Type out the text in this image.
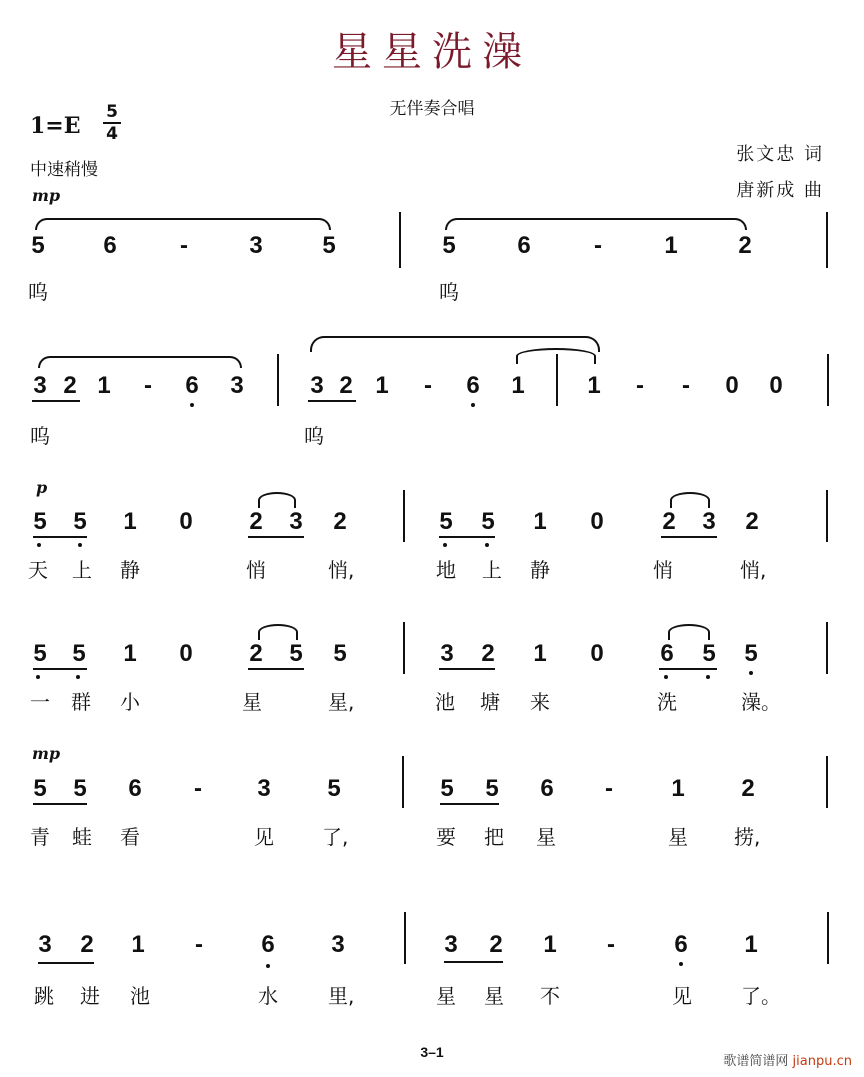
星星洗澡
无伴奏合唱
1=E
5
4
中速稍慢
张文忠 词
唐新成 曲
mp
5 6	-	3 5	5	6	-	1	2
呜	呜
3 2 1	-	6 3	3 2 1	-	6 1	1	-	-	0 0
呜	呜
p
5 5 1 0 2 3 2	5 5 1 0 2 3 2
天 上 静	悄	悄,	地 上 静	悄	悄,
5 5 1 0 2 5 5	3 2 1 0 6 5 5
一 群 小	星	星,	池 塘 来	洗	澡。
mp
5 5 6	-	3 5	5 5 6	-	1 2
青 蛙 看	见 了,	要 把 星	星 捞,
3 2 1	-	6 3	3 2 1	-	6 1
跳 进 池	水	里,	星 星 不	见 了。
3–1
歌谱简谱网 jianpu.cn
